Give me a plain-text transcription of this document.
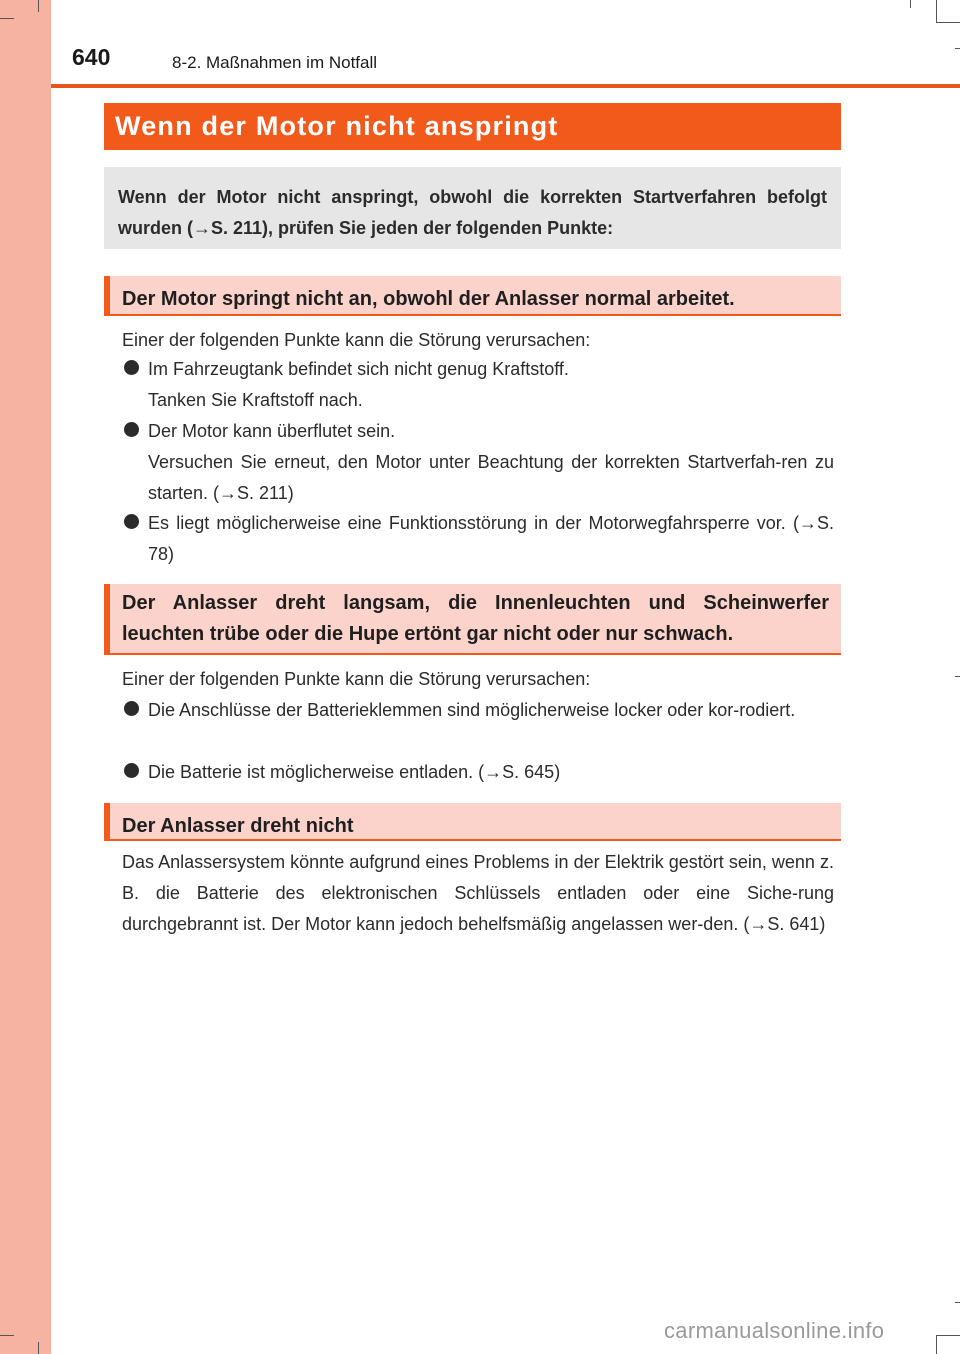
640	8-2. Maßnahmen im Notfall
Wenn der Motor nicht anspringt
Wenn der Motor nicht anspringt, obwohl die korrekten Startverfahren befolgt wurden (→S. 211), prüfen Sie jeden der folgenden Punkte:
Der Motor springt nicht an, obwohl der Anlasser normal arbeitet.
Einer der folgenden Punkte kann die Störung verursachen:
Im Fahrzeugtank befindet sich nicht genug Kraftstoff.
Tanken Sie Kraftstoff nach.
Der Motor kann überflutet sein.
Versuchen Sie erneut, den Motor unter Beachtung der korrekten Startverfah-ren zu starten. (→S. 211)
Es liegt möglicherweise eine Funktionsstörung in der Motorwegfahrsperre vor. (→S. 78)
Der Anlasser dreht langsam, die Innenleuchten und Scheinwerfer leuchten trübe oder die Hupe ertönt gar nicht oder nur schwach.
Einer der folgenden Punkte kann die Störung verursachen:
Die Anschlüsse der Batterieklemmen sind möglicherweise locker oder kor-rodiert.
Die Batterie ist möglicherweise entladen. (→S. 645)
Der Anlasser dreht nicht
Das Anlassersystem könnte aufgrund eines Problems in der Elektrik gestört sein, wenn z. B. die Batterie des elektronischen Schlüssels entladen oder eine Siche-rung durchgebrannt ist. Der Motor kann jedoch behelfsmäßig angelassen wer-den. (→S. 641)
carmanualsonline.info
